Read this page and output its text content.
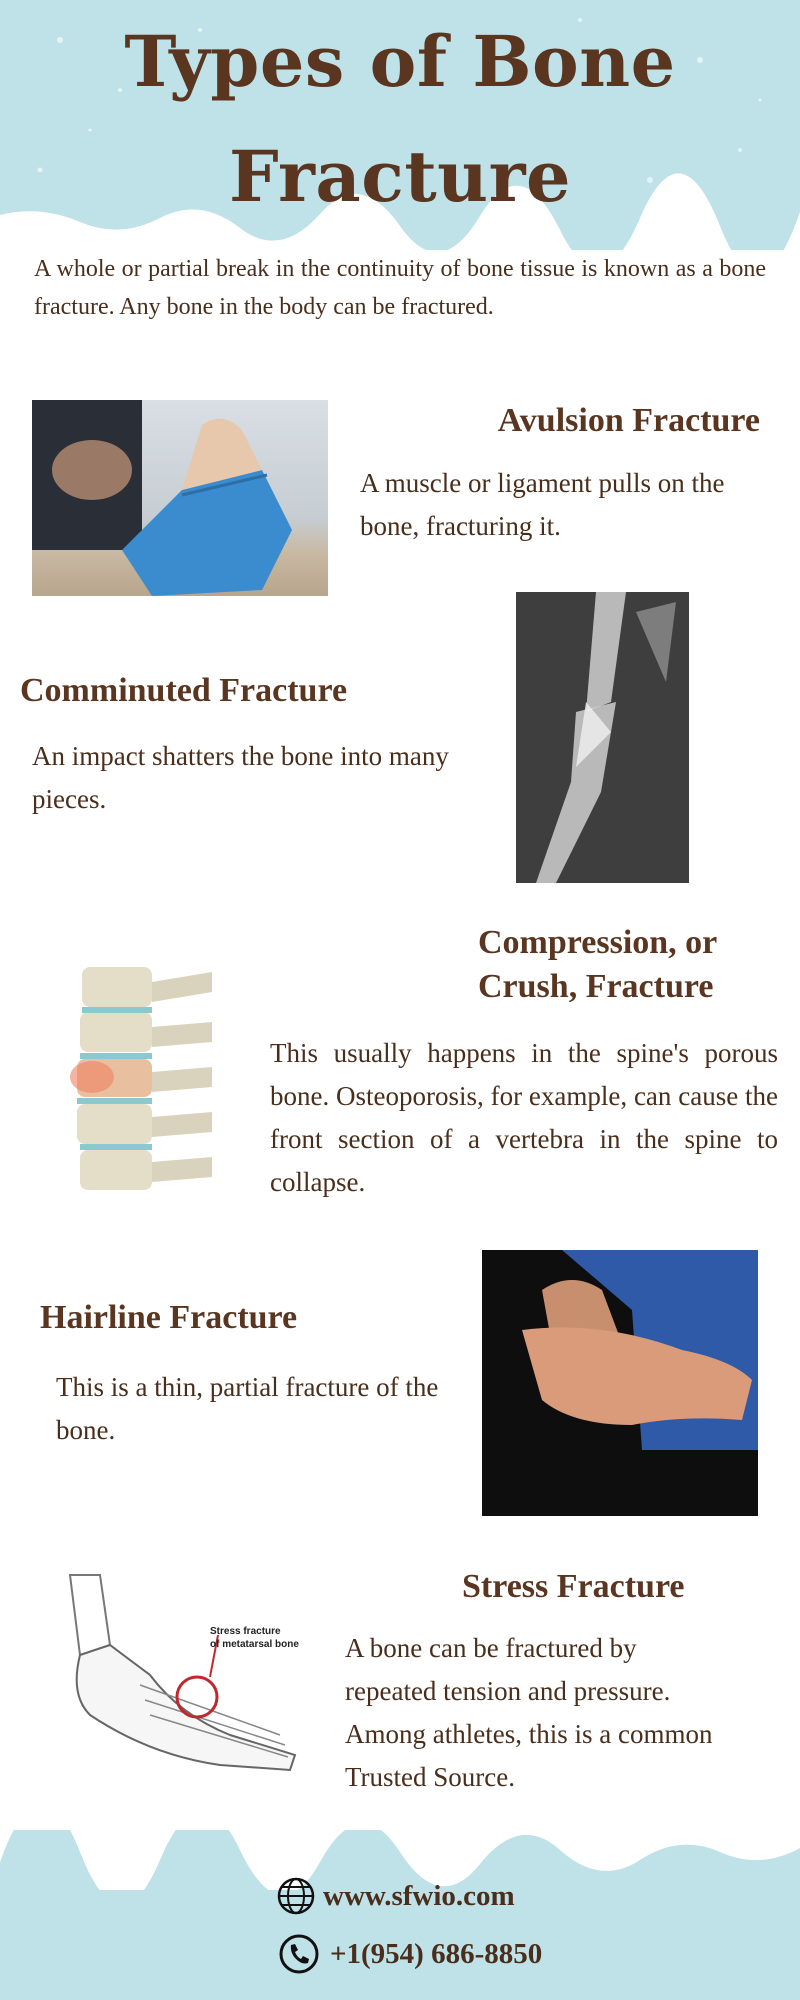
Types of Bone
Fracture
A whole or partial break in the continuity of bone tissue is known as a bone fracture. Any bone in the body can be fractured.
Avulsion Fracture
A muscle or ligament pulls on the bone, fracturing it.
Comminuted Fracture
An impact shatters the bone into many pieces.
Compression, or
Crush, Fracture
This usually happens in the spine's porous bone. Osteoporosis, for example, can cause the front section of a vertebra in the spine to collapse.
Hairline Fracture
This is a thin, partial fracture of the bone.
Stress fracture
of metatarsal bone
Stress Fracture
A bone can be fractured by
repeated tension and pressure.
Among athletes, this is a common
Trusted Source.
www.sfwio.com
+1(954) 686-8850
